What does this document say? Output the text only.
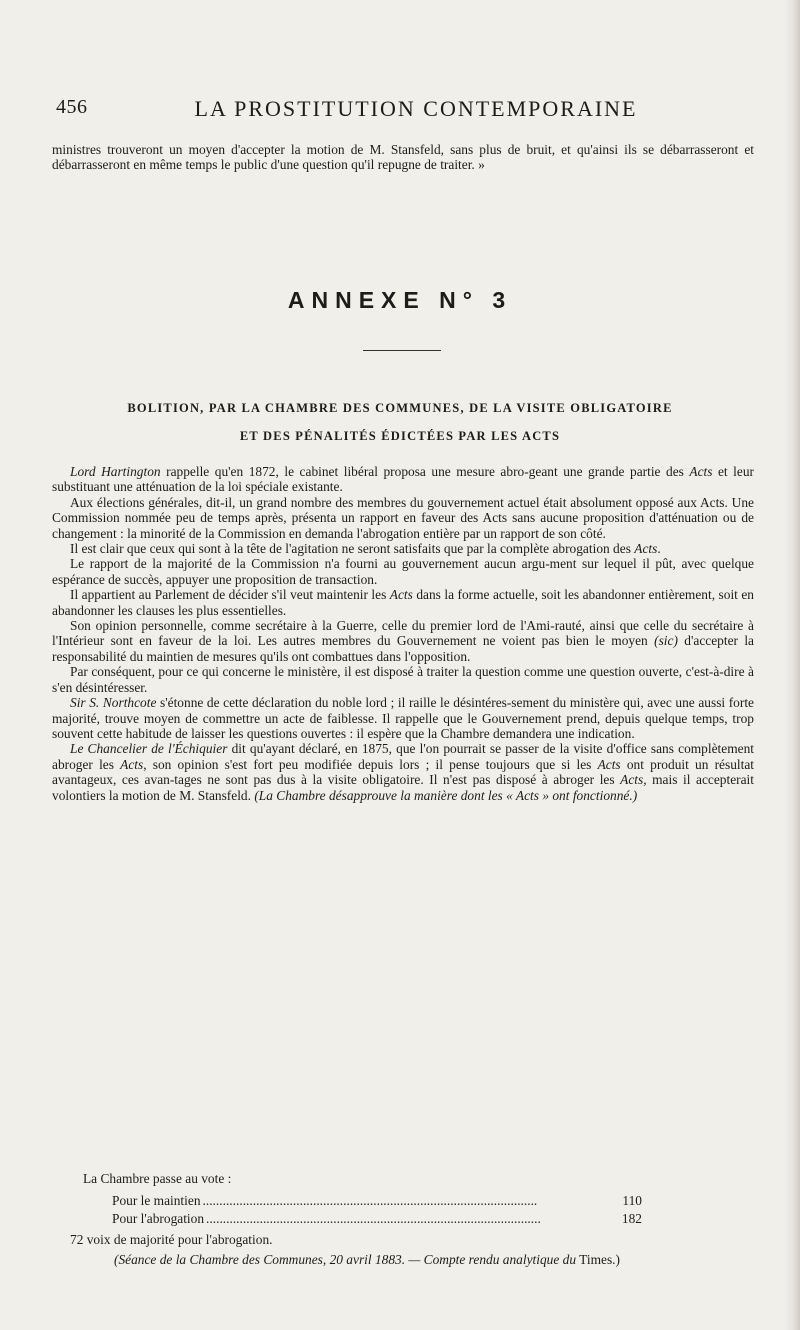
456	LA PROSTITUTION CONTEMPORAINE

ministres trouveront un moyen d'accepter la motion de M. Stansfeld, sans plus de bruit, et qu'ainsi ils se débarrasseront et débarrasseront en même temps le public d'une question qu'il repugne de traiter. »

ANNEXE N° 3
BOLITION, PAR LA CHAMBRE DES COMMUNES, DE LA VISITE OBLIGATOIRE
ET DES PÉNALITÉS ÉDICTÉES PAR LES ACTS

Lord Hartington rappelle qu'en 1872, le cabinet libéral proposa une mesure abro-geant une grande partie des Acts et leur substituant une atténuation de la loi spéciale existante.

Aux élections générales, dit-il, un grand nombre des membres du gouvernement actuel était absolument opposé aux Acts. Une Commission nommée peu de temps après, présenta un rapport en faveur des Acts sans aucune proposition d'atténuation ou de changement : la minorité de la Commission en demanda l'abrogation entière par un rapport de son côté.

Il est clair que ceux qui sont à la tête de l'agitation ne seront satisfaits que par la complète abrogation des Acts.

Le rapport de la majorité de la Commission n'a fourni au gouvernement aucun argu-ment sur lequel il pût, avec quelque espérance de succès, appuyer une proposition de transaction.

Il appartient au Parlement de décider s'il veut maintenir les Acts dans la forme actuelle, soit les abandonner entièrement, soit en abandonner les clauses les plus essentielles.

Son opinion personnelle, comme secrétaire à la Guerre, celle du premier lord de l'Ami-rauté, ainsi que celle du secrétaire à l'Intérieur sont en faveur de la loi. Les autres membres du Gouvernement ne voient pas bien le moyen (sic) d'accepter la responsabilité du maintien de mesures qu'ils ont combattues dans l'opposition.

Par conséquent, pour ce qui concerne le ministère, il est disposé à traiter la question comme une question ouverte, c'est-à-dire à s'en désintéresser.

Sir S. Northcote s'étonne de cette déclaration du noble lord ; il raille le désintéres-sement du ministère qui, avec une aussi forte majorité, trouve moyen de commettre un acte de faiblesse. Il rappelle que le Gouvernement prend, depuis quelque temps, trop souvent cette habitude de laisser les questions ouvertes : il espère que la Chambre demandera une indication.

Le Chancelier de l'Échiquier dit qu'ayant déclaré, en 1875, que l'on pourrait se passer de la visite d'office sans complètement abroger les Acts, son opinion s'est fort peu modifiée depuis lors ; il pense toujours que si les Acts ont produit un résultat avantageux, ces avan-tages ne sont pas dus à la visite obligatoire. Il n'est pas disposé à abroger les Acts, mais il accepterait volontiers la motion de M. Stansfeld. (La Chambre désapprouve la manière dont les « Acts » ont fonctionné.)

La Chambre passe au vote :
Pour le maintien ....................................................................................................	110
Pour l'abrogation ....................................................................................................	182
72 voix de majorité pour l'abrogation.
(Séance de la Chambre des Communes, 20 avril 1883. — Compte rendu analytique du Times.)
